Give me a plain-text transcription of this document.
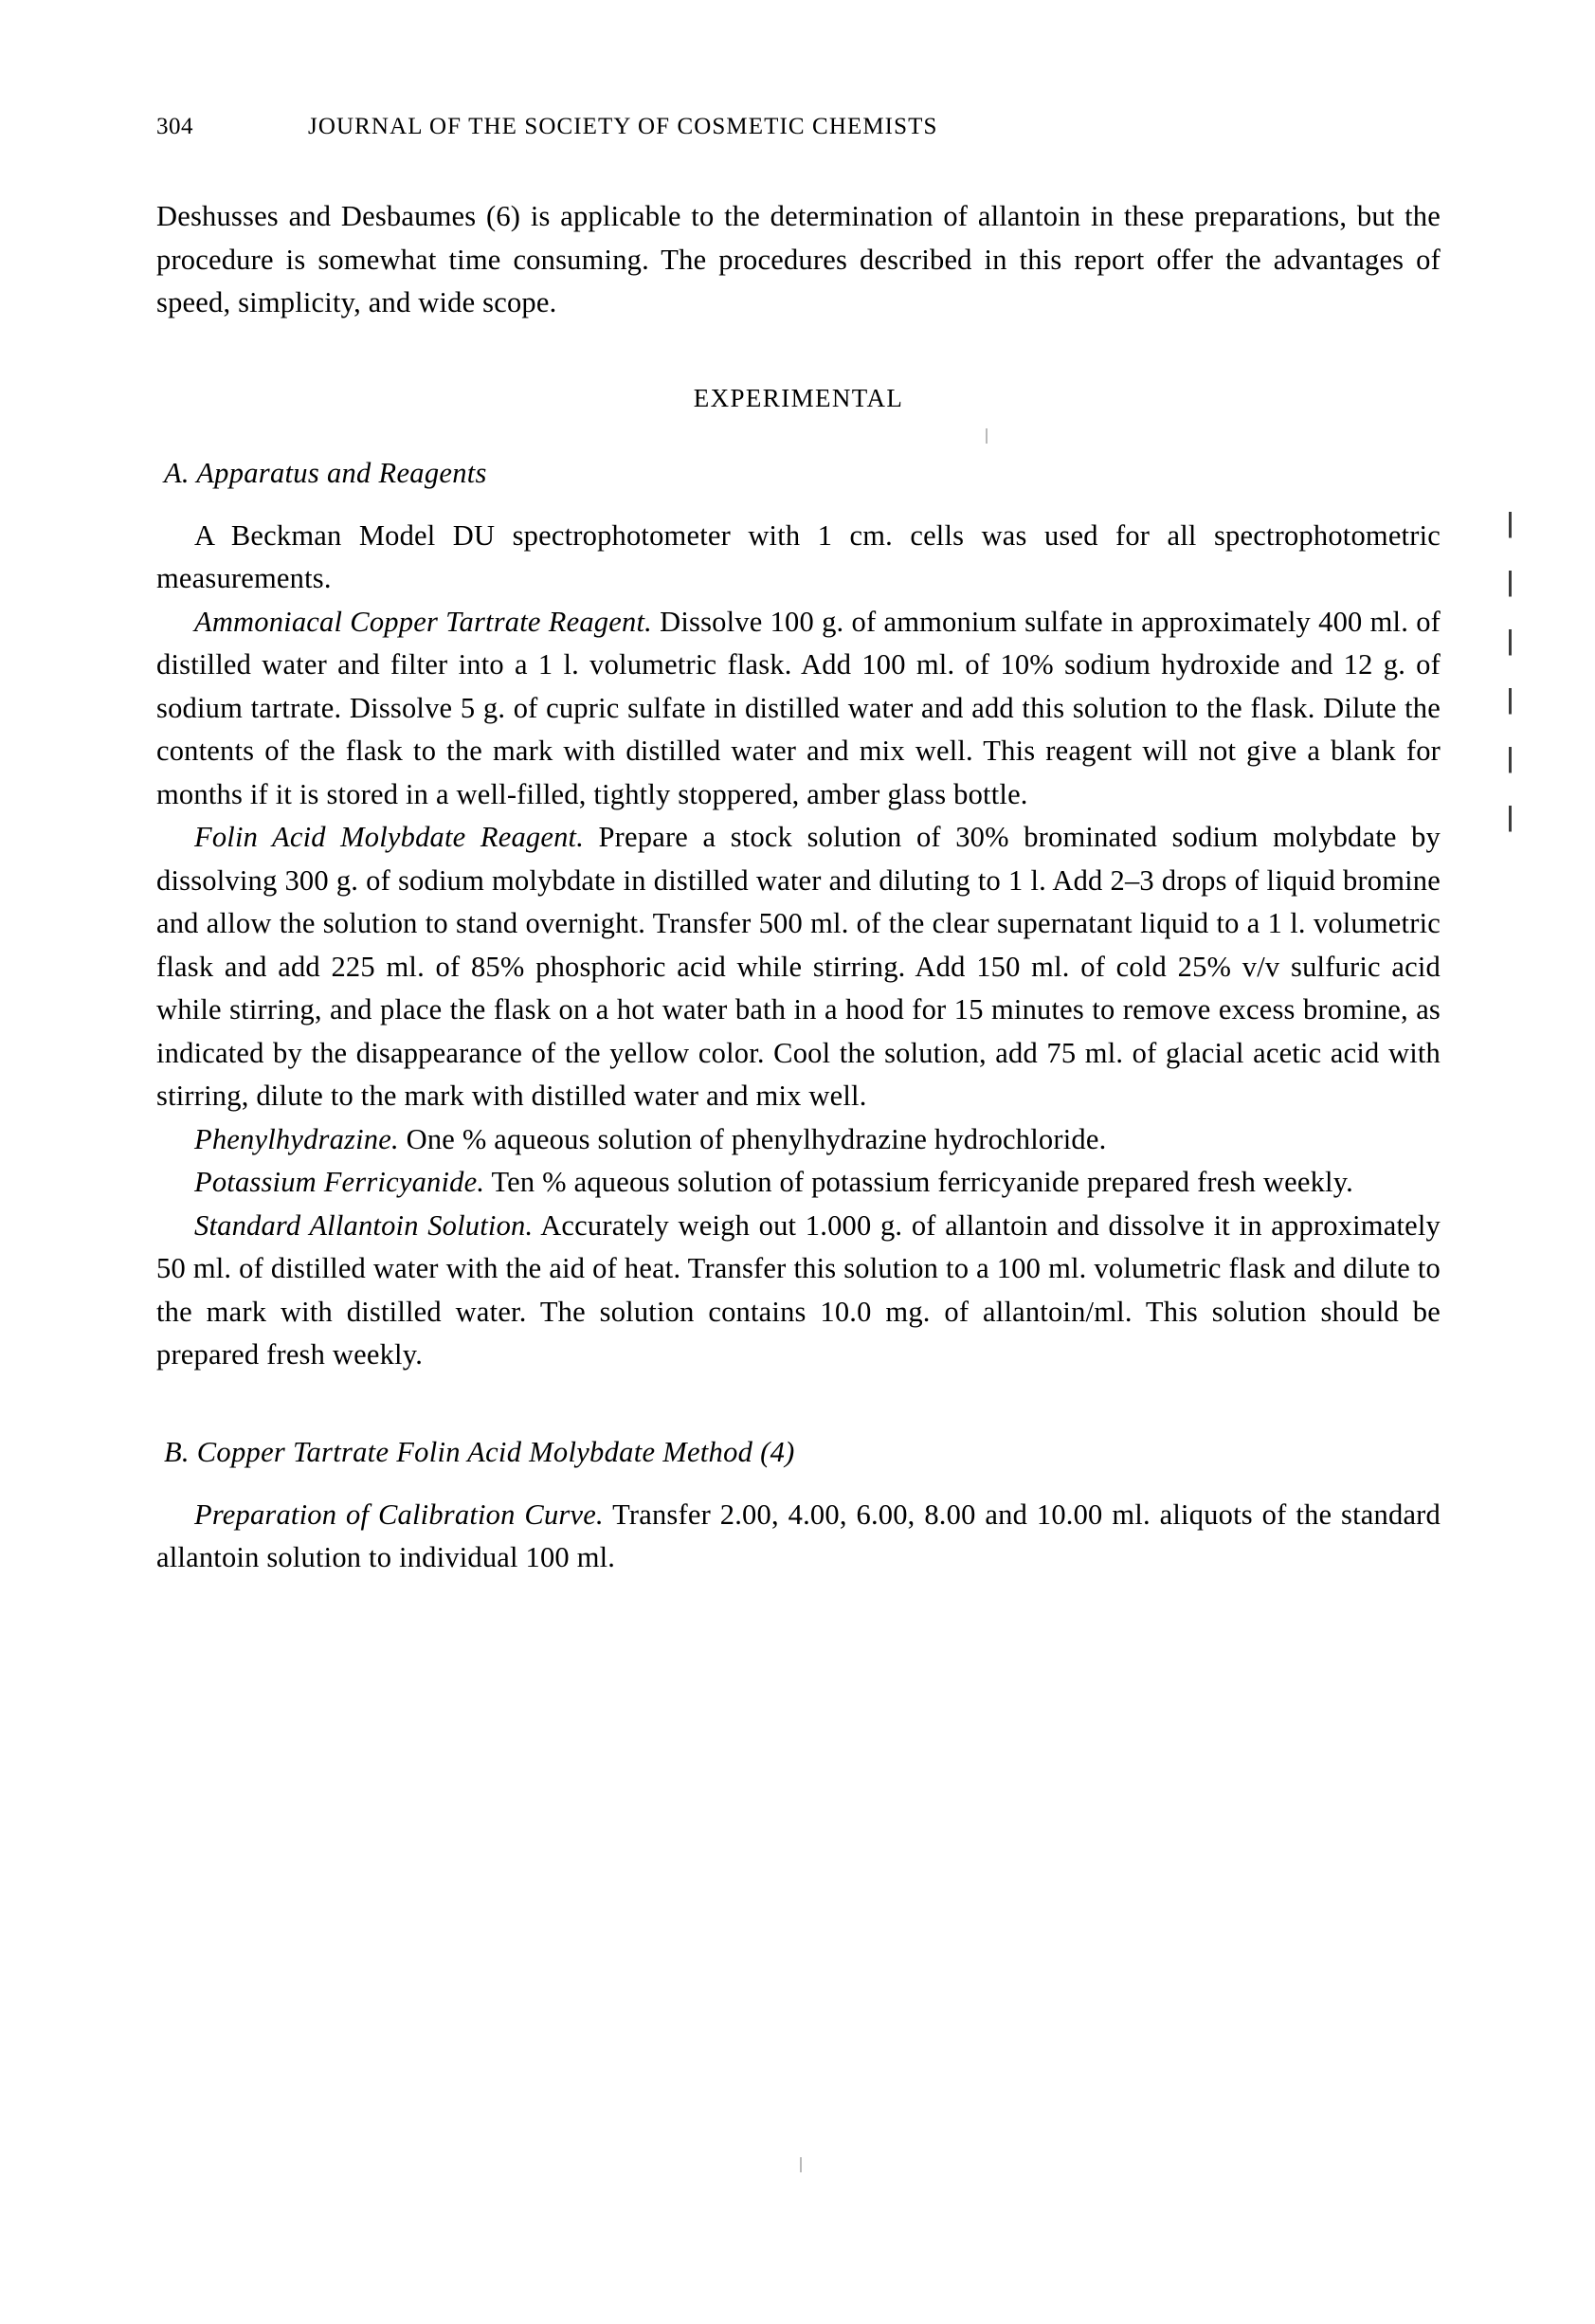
304	JOURNAL OF THE SOCIETY OF COSMETIC CHEMISTS

Deshusses and Desbaumes (6) is applicable to the determination of allantoin in these preparations, but the procedure is somewhat time consuming. The procedures described in this report offer the advantages of speed, simplicity, and wide scope.

EXPERIMENTAL

A. Apparatus and Reagents

A Beckman Model DU spectrophotometer with 1 cm. cells was used for all spectrophotometric measurements.

Ammoniacal Copper Tartrate Reagent. Dissolve 100 g. of ammonium sulfate in approximately 400 ml. of distilled water and filter into a 1 l. volumetric flask. Add 100 ml. of 10% sodium hydroxide and 12 g. of sodium tartrate. Dissolve 5 g. of cupric sulfate in distilled water and add this solution to the flask. Dilute the contents of the flask to the mark with distilled water and mix well. This reagent will not give a blank for months if it is stored in a well-filled, tightly stoppered, amber glass bottle.

Folin Acid Molybdate Reagent. Prepare a stock solution of 30% brominated sodium molybdate by dissolving 300 g. of sodium molybdate in distilled water and diluting to 1 l. Add 2–3 drops of liquid bromine and allow the solution to stand overnight. Transfer 500 ml. of the clear supernatant liquid to a 1 l. volumetric flask and add 225 ml. of 85% phosphoric acid while stirring. Add 150 ml. of cold 25% v/v sulfuric acid while stirring, and place the flask on a hot water bath in a hood for 15 minutes to remove excess bromine, as indicated by the disappearance of the yellow color. Cool the solution, add 75 ml. of glacial acetic acid with stirring, dilute to the mark with distilled water and mix well.

Phenylhydrazine. One % aqueous solution of phenylhydrazine hydrochloride.

Potassium Ferricyanide. Ten % aqueous solution of potassium ferricyanide prepared fresh weekly.

Standard Allantoin Solution. Accurately weigh out 1.000 g. of allantoin and dissolve it in approximately 50 ml. of distilled water with the aid of heat. Transfer this solution to a 100 ml. volumetric flask and dilute to the mark with distilled water. The solution contains 10.0 mg. of allantoin/ml. This solution should be prepared fresh weekly.

B. Copper Tartrate Folin Acid Molybdate Method (4)

Preparation of Calibration Curve. Transfer 2.00, 4.00, 6.00, 8.00 and 10.00 ml. aliquots of the standard allantoin solution to individual 100 ml.
